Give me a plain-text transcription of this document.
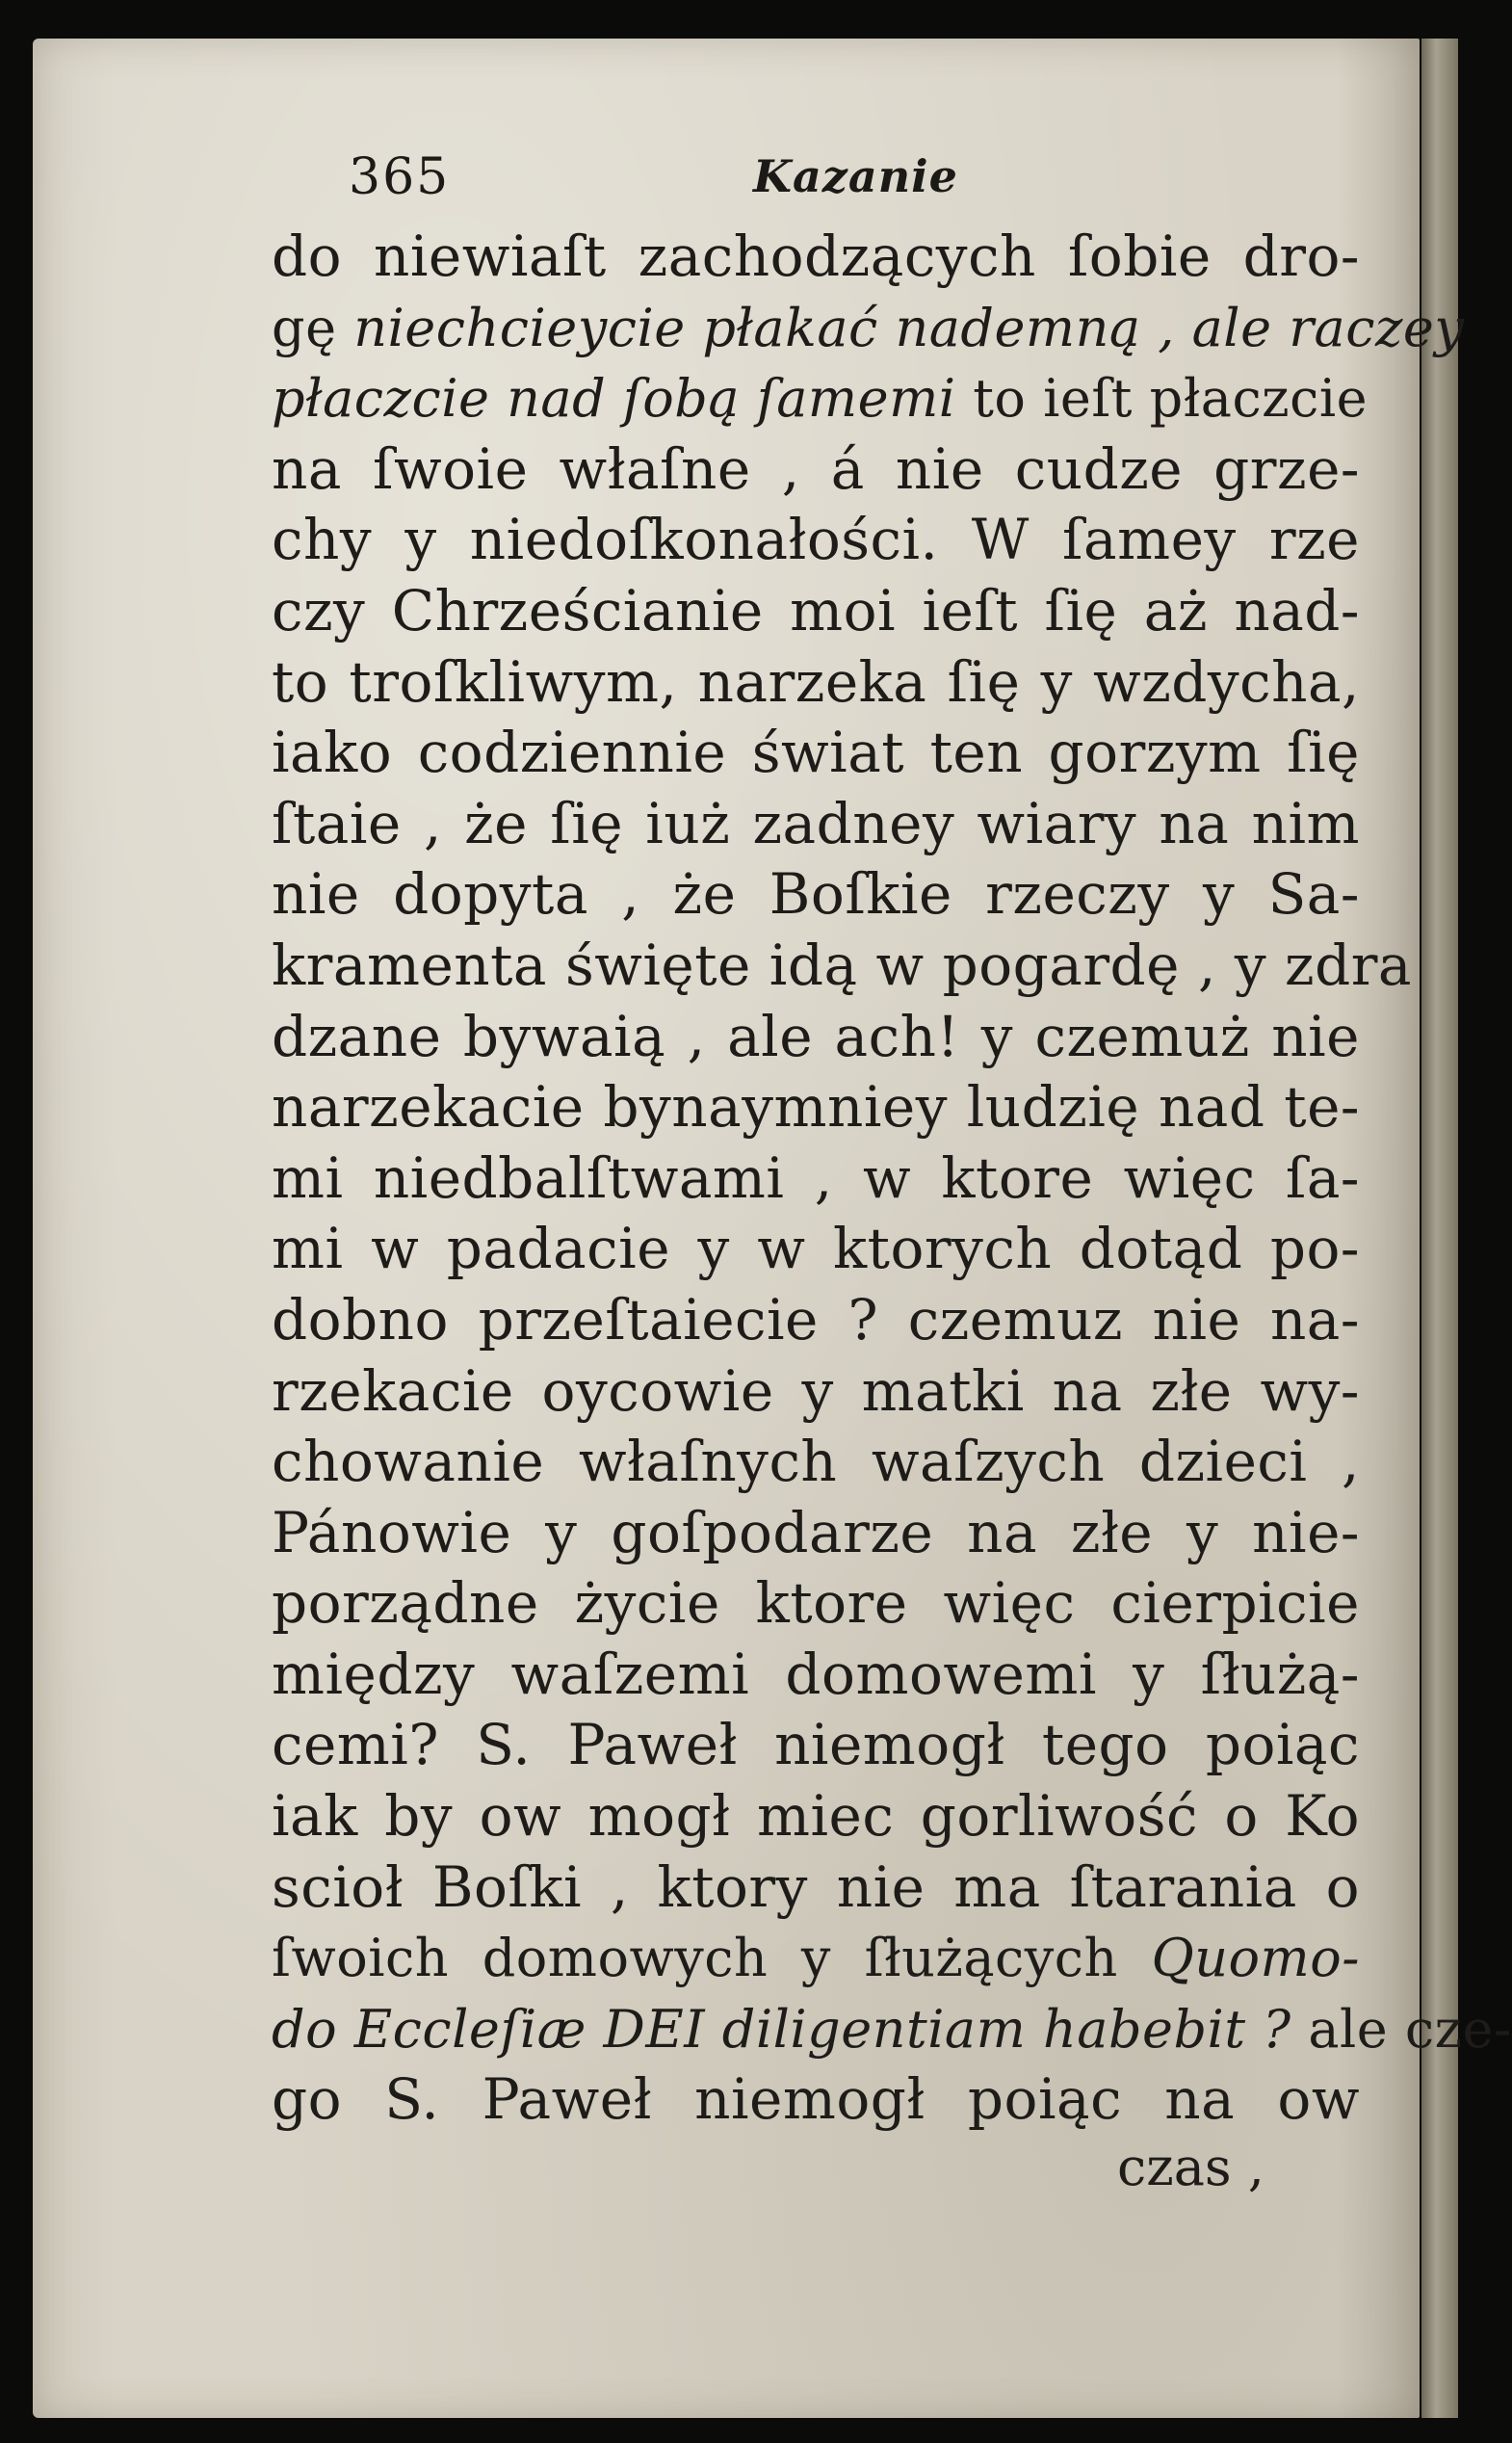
365	Kazanie
do niewiaſt zachodzących ſobie dro-
gę niechcieycie płakać nademną , ale raczey
płaczcie nad ſobą ſamemi to ieſt płaczcie
na ſwoie właſne , á nie cudze grze-
chy y niedoſkonałości. W ſamey rze
czy Chrześcianie moi ieſt ſię aż nad-
to troſkliwym, narzeka ſię y wzdycha,
iako codziennie świat ten gorzym ſię
ſtaie , że ſię iuż zadney wiary na nim
nie dopyta , że Boſkie rzeczy y Sa-
kramenta święte idą w pogardę , y zdra
dzane bywaią , ale ach! y czemuż nie
narzekacie bynaymniey ludzię nad te-
mi niedbalſtwami , w ktore więc ſa-
mi w padacie y w ktorych dotąd po-
dobno przeſtaiecie ? czemuz nie na-
rzekacie oycowie y matki na złe wy-
chowanie właſnych waſzych dzieci ,
Pánowie y goſpodarze na złe y nie-
porządne życie ktore więc cierpicie
między waſzemi domowemi y ſłużą-
cemi? S. Paweł niemogł tego poiąc
iak by ow mogł miec gorliwość o Ko
scioł Boſki , ktory nie ma ſtarania o
ſwoich domowych y ſłużących Quomo-
do Eccleſiæ DEI diligentiam habebit ? ale cze-
go S. Paweł niemogł poiąc na ow
czas ,
